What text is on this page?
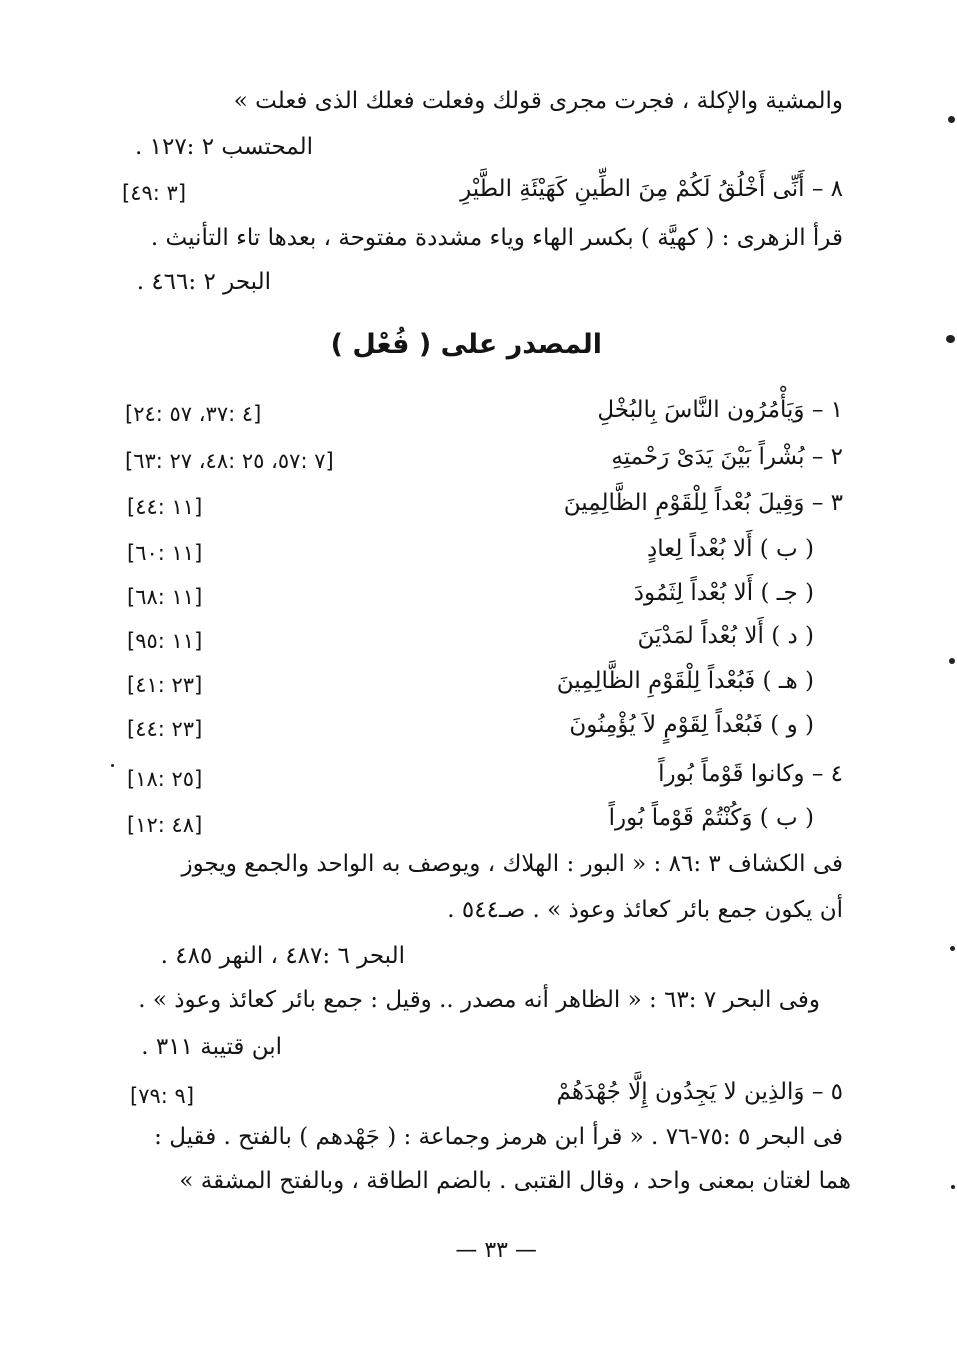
والمشية والإكلة ، فجرت مجرى قولك وفعلت فعلك الذى فعلت »
المحتسب ٢ :١٢٧ .
٨ – أَنِّى أَخْلُقُ لَكُمْ مِنَ الطِّينِ كَهَيْئَةِ الطَّيْرِ
[٣ :٤٩]
قرأ الزهرى : ( كهيَّة ) بكسر الهاء وياء مشددة مفتوحة ، بعدها تاء التأنيث .
البحر ٢ :٤٦٦ .
المصدر على ( فُعْل )
١ – وَيَأْمُرُون النَّاسَ بِالبُخْلِ
[٤ :٣٧، ٥٧ :٢٤]
٢ – بُشْراً بَيْنَ يَدَىْ رَحْمتِهِ
[٧ :٥٧، ٢٥ :٤٨، ٢٧ :٦٣]
٣ – وَقِيلَ بُعْداً لِلْقَوْمِ الظَّالِمِينَ
[١١ :٤٤]
( ب ) أَلا بُعْداً لِعادٍ
[١١ :٦٠]
( جـ ) أَلا بُعْداً لِثَمُودَ
[١١ :٦٨]
( د ) أَلا بُعْداً لمَدْيَنَ
[١١ :٩٥]
( هـ ) فَبُعْداً لِلْقَوْمِ الظَّالِمِينَ
[٢٣ :٤١]
( و ) فَبُعْداً لِقَوْمٍ لاَ يُؤْمِنُونَ
[٢٣ :٤٤]
٤ – وكانوا قَوْماً بُوراً
[٢٥ :١٨]
( ب ) وَكُنْتُمْ قَوْماً بُوراً
[٤٨ :١٢]
فى الكشاف ٣ :٨٦ : « البور : الهلاك ، ويوصف به الواحد والجمع ويجوز
أن يكون جمع بائر كعائذ وعوذ » . صـ٥٤٤ .
البحر ٦ :٤٨٧ ، النهر ٤٨٥ .
وفى البحر ٧ :٦٣ : « الظاهر أنه مصدر .. وقيل : جمع بائر كعائذ وعوذ » .
ابن قتيبة ٣١١ .
٥ – وَالذِين لا يَجِدُون إِلَّا جُهْدَهُمْ
[٩ :٧٩]
فى البحر ٥ :٧٥-٧٦ . « قرأ ابن هرمز وجماعة : ( جَهْدهم ) بالفتح . فقيل :
هما لغتان بمعنى واحد ، وقال القتبى . بالضم الطاقة ، وبالفتح المشقة »
— ٣٣ —
